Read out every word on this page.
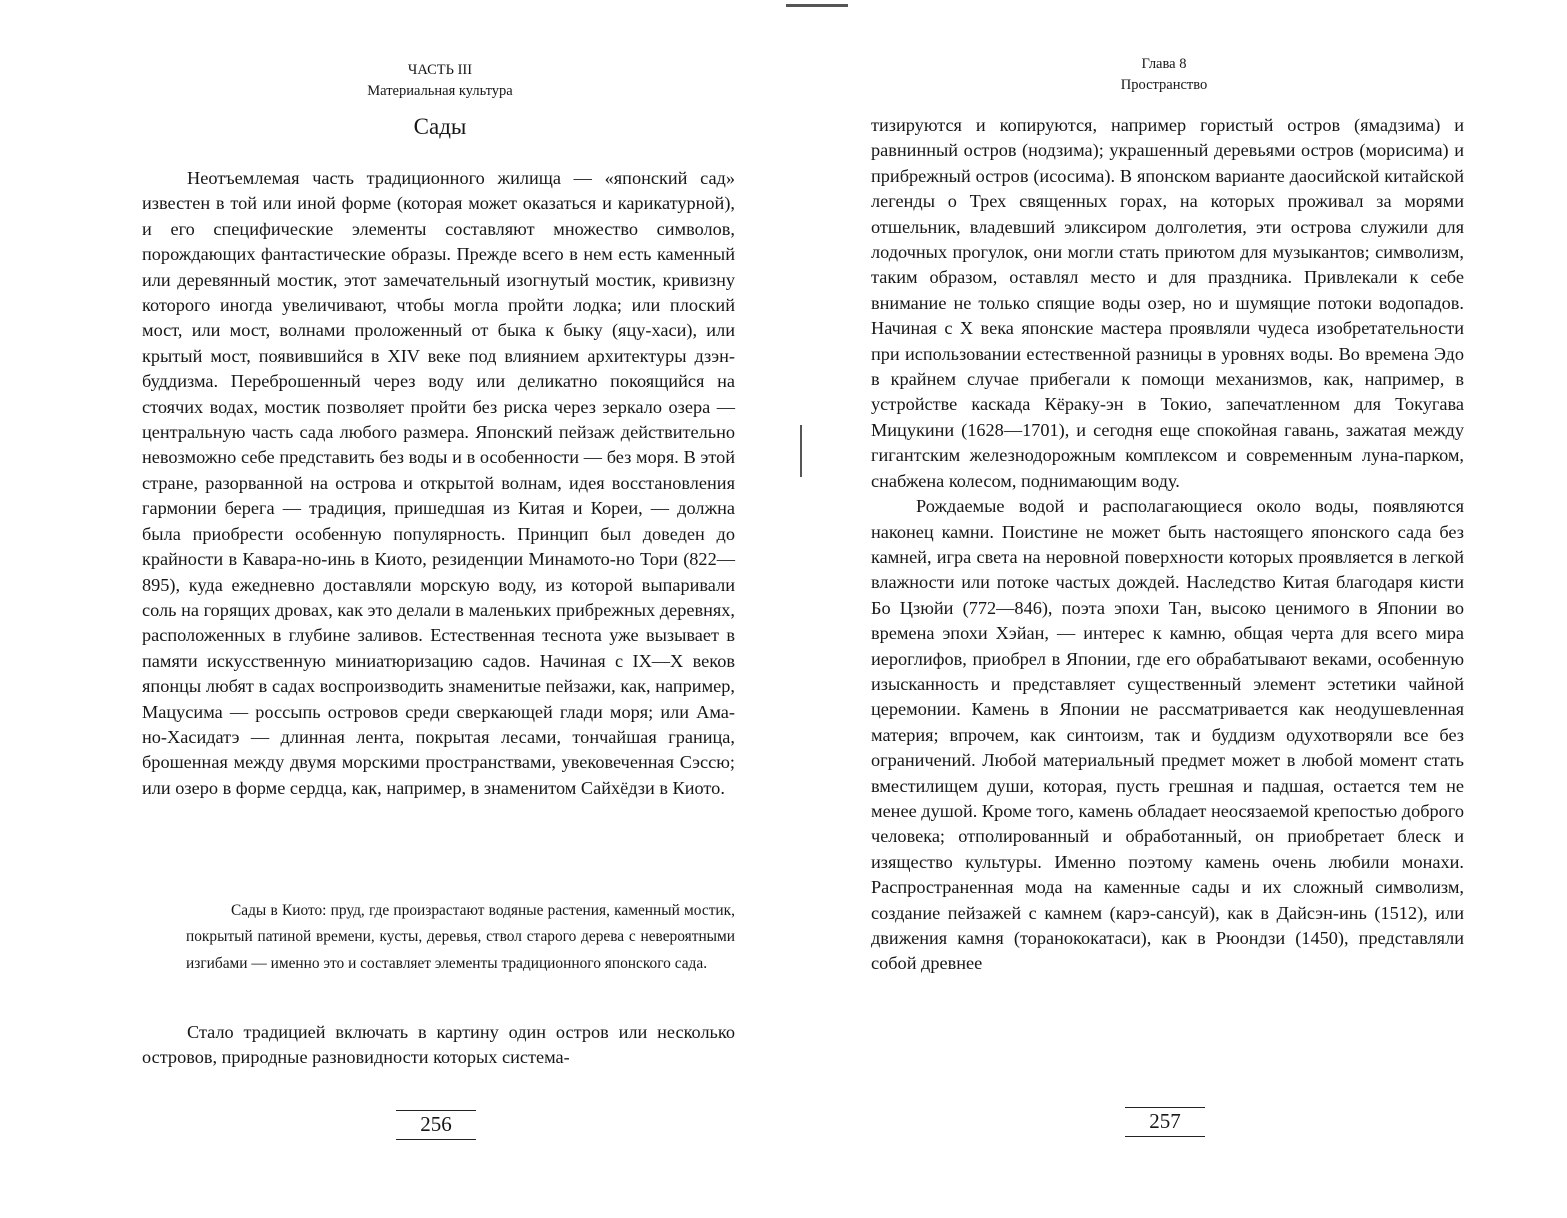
ЧАСТЬ III
Материальная культура
Сады

Неотъемлемая часть традиционного жилища — «японский сад» известен в той или иной форме (которая может оказаться и карикатурной), и его специфические элементы составляют множество символов, порождающих фантастические образы. Прежде всего в нем есть каменный или деревянный мостик, этот замечательный изогнутый мостик, кривизну которого иногда увеличивают, чтобы могла пройти лодка; или плоский мост, или мост, волнами проложенный от быка к быку (яцу-хаси), или крытый мост, появившийся в XIV веке под влиянием архитектуры дзэн-буддизма. Переброшенный через воду или деликатно покоящийся на стоячих водах, мостик позволяет пройти без риска через зеркало озера — центральную часть сада любого размера. Японский пейзаж действительно невозможно себе представить без воды и в особенности — без моря. В этой стране, разорванной на острова и открытой волнам, идея восстановления гармонии берега — традиция, пришедшая из Китая и Кореи, — должна была приобрести особенную популярность. Принцип был доведен до крайности в Кавара-но-инь в Киото, резиденции Минамото-но Тори (822—895), куда ежедневно доставляли морскую воду, из которой выпаривали соль на горящих дровах, как это делали в маленьких прибрежных деревнях, расположенных в глубине заливов. Естественная теснота уже вызывает в памяти искусственную миниатюризацию садов. Начиная с IX—X веков японцы любят в садах воспроизводить знаменитые пейзажи, как, например, Мацусима — россыпь островов среди сверкающей глади моря; или Ама-но-Хасидатэ — длинная лента, покрытая лесами, тончайшая граница, брошенная между двумя морскими пространствами, увековеченная Сэссю; или озеро в форме сердца, как, например, в знаменитом Сайхёдзи в Киото.

Сады в Киото: пруд, где произрастают водяные растения, каменный мостик, покрытый патиной времени, кусты, деревья, ствол старого дерева с невероятными изгибами — именно это и составляет элементы традиционного японского сада.

Стало традицией включать в картину один остров или несколько островов, природные разновидности которых система-

256
Глава 8
Пространство

тизируются и копируются, например гористый остров (ямадзима) и равнинный остров (нодзима); украшенный деревьями остров (морисима) и прибрежный остров (исосима). В японском варианте даосийской китайской легенды о Трех священных горах, на которых проживал за морями отшельник, владевший эликсиром долголетия, эти острова служили для лодочных прогулок, они могли стать приютом для музыкантов; символизм, таким образом, оставлял место и для праздника. Привлекали к себе внимание не только спящие воды озер, но и шумящие потоки водопадов. Начиная с X века японские мастера проявляли чудеса изобретательности при использовании естественной разницы в уровнях воды. Во времена Эдо в крайнем случае прибегали к помощи механизмов, как, например, в устройстве каскада Кёраку-эн в Токио, запечатленном для Токугава Мицукини (1628—1701), и сегодня еще спокойная гавань, зажатая между гигантским железнодорожным комплексом и современным луна-парком, снабжена колесом, поднимающим воду.

Рождаемые водой и располагающиеся около воды, появляются наконец камни. Поистине не может быть настоящего японского сада без камней, игра света на неровной поверхности которых проявляется в легкой влажности или потоке частых дождей. Наследство Китая благодаря кисти Бо Цзюйи (772—846), поэта эпохи Тан, высоко ценимого в Японии во времена эпохи Хэйан, — интерес к камню, общая черта для всего мира иероглифов, приобрел в Японии, где его обрабатывают веками, особенную изысканность и представляет существенный элемент эстетики чайной церемонии. Камень в Японии не рассматривается как неодушевленная материя; впрочем, как синтоизм, так и буддизм одухотворяли все без ограничений. Любой материальный предмет может в любой момент стать вместилищем души, которая, пусть грешная и падшая, остается тем не менее душой. Кроме того, камень обладает неосязаемой крепостью доброго человека; отполированный и обработанный, он приобретает блеск и изящество культуры. Именно поэтому камень очень любили монахи. Распространенная мода на каменные сады и их сложный символизм, создание пейзажей с камнем (карэ-сансуй), как в Дайсэн-инь (1512), или движения камня (торанококатаси), как в Рюондзи (1450), представляли собой древнее

257
